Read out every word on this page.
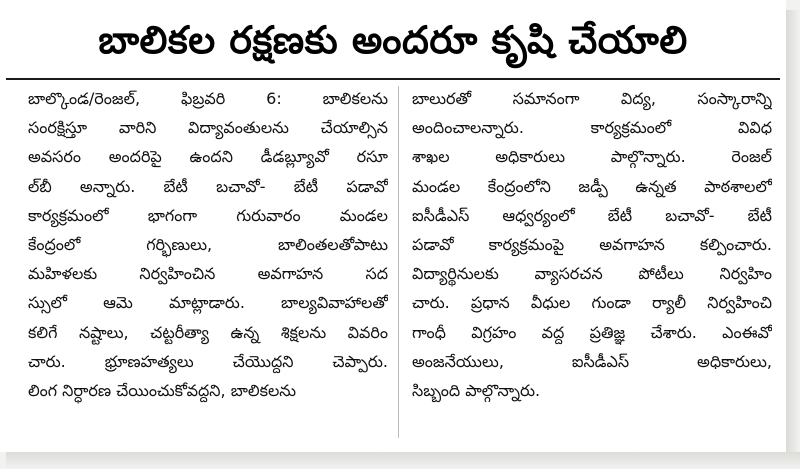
బాలికల రక్షణకు అందరూ కృషి చేయాలి
బాల్కొండ/రెంజల్, ఫిబ్రవరి 6: బాలికలను
సంరక్షిస్తూ వారిని విద్యావంతులను చేయాల్సిన
అవసరం అందరిపై ఉందని డీడబ్ల్యూవో రసూ
ల్‌బీ అన్నారు. బేటీ బచావో- బేటీ పడావో
కార్యక్రమంలో భాగంగా గురువారం మండల
కేంద్రంలో గర్భిణులు, బాలింతలతోపాటు
మహిళలకు నిర్వహించిన అవగాహన సద
స్సులో ఆమె మాట్లాడారు. బాల్యవివాహాలతో
కలిగే నష్టాలు, చట్టరీత్యా ఉన్న శిక్షలను వివరిం
చారు. భ్రూణహత్యలు చేయొద్దని చెప్పారు.
లింగ నిర్ధారణ చేయించుకోవద్దని, బాలికలను
బాలురతో సమానంగా విద్య, సంస్కారాన్ని
అందించాలన్నారు. కార్యక్రమంలో వివిధ
శాఖల అధికారులు పాల్గొన్నారు. రెంజల్
మండల కేంద్రంలోని జడ్పీ ఉన్నత పాఠశాలలో
ఐసీడీఎస్ ఆధ్వర్యంలో బేటీ బచావో- బేటీ
పడావో కార్యక్రమంపై అవగాహన కల్పించారు.
విద్యార్థినులకు వ్యాసరచన పోటీలు నిర్వహిం
చారు. ప్రధాన వీధుల గుండా ర్యాలీ నిర్వహించి
గాంధీ విగ్రహం వద్ద ప్రతిజ్ఞ చేశారు. ఎంఈవో
అంజనేయులు, ఐసీడీఎస్ అధికారులు,
సిబ్బంది పాల్గొన్నారు.
